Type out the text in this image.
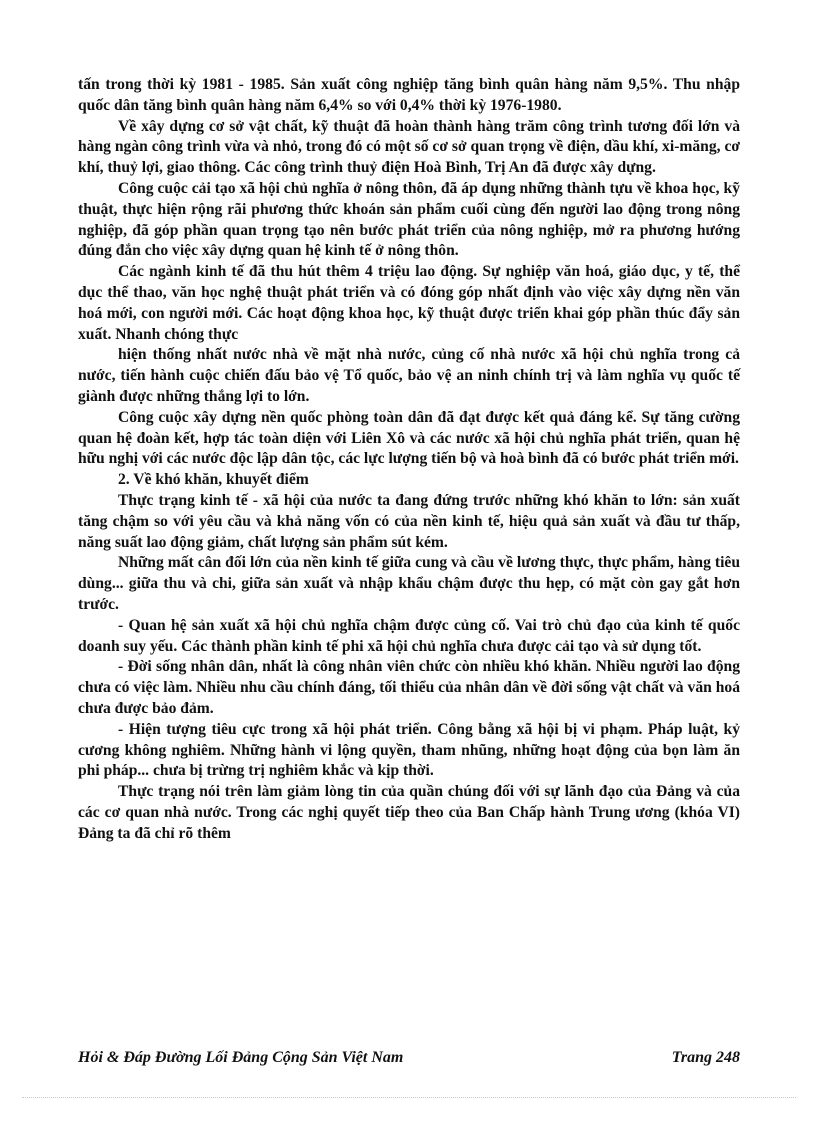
tấn trong thời kỳ 1981 - 1985. Sản xuất công nghiệp tăng bình quân hàng năm 9,5%. Thu nhập quốc dân tăng bình quân hàng năm 6,4% so với 0,4% thời kỳ 1976-1980.

Về xây dựng cơ sở vật chất, kỹ thuật đã hoàn thành hàng trăm công trình tương đối lớn và hàng ngàn công trình vừa và nhỏ, trong đó có một số cơ sở quan trọng về điện, dầu khí, xi-măng, cơ khí, thuỷ lợi, giao thông. Các công trình thuỷ điện Hoà Bình, Trị An đã được xây dựng.

Công cuộc cải tạo xã hội chủ nghĩa ở nông thôn, đã áp dụng những thành tựu về khoa học, kỹ thuật, thực hiện rộng rãi phương thức khoán sản phẩm cuối cùng đến người lao động trong nông nghiệp, đã góp phần quan trọng tạo nên bước phát triển của nông nghiệp, mở ra phương hướng đúng đắn cho việc xây dựng quan hệ kinh tế ở nông thôn.

Các ngành kinh tế đã thu hút thêm 4 triệu lao động. Sự nghiệp văn hoá, giáo dục, y tế, thể dục thể thao, văn học nghệ thuật phát triển và có đóng góp nhất định vào việc xây dựng nền văn hoá mới, con người mới. Các hoạt động khoa học, kỹ thuật được triển khai góp phần thúc đẩy sản xuất. Nhanh chóng thực

hiện thống nhất nước nhà về mặt nhà nước, củng cố nhà nước xã hội chủ nghĩa trong cả nước, tiến hành cuộc chiến đấu bảo vệ Tổ quốc, bảo vệ an ninh chính trị và làm nghĩa vụ quốc tế giành được những thắng lợi to lớn.

Công cuộc xây dựng nền quốc phòng toàn dân đã đạt được kết quả đáng kể. Sự tăng cường quan hệ đoàn kết, hợp tác toàn diện với Liên Xô và các nước xã hội chủ nghĩa phát triển, quan hệ hữu nghị với các nước độc lập dân tộc, các lực lượng tiến bộ và hoà bình đã có bước phát triển mới.

2. Về khó khăn, khuyết điểm

Thực trạng kinh tế - xã hội của nước ta đang đứng trước những khó khăn to lớn: sản xuất tăng chậm so với yêu cầu và khả năng vốn có của nền kinh tế, hiệu quả sản xuất và đầu tư thấp, năng suất lao động giảm, chất lượng sản phẩm sút kém.

Những mất cân đối lớn của nền kinh tế giữa cung và cầu về lương thực, thực phẩm, hàng tiêu dùng... giữa thu và chi, giữa sản xuất và nhập khẩu chậm được thu hẹp, có mặt còn gay gắt hơn trước.

- Quan hệ sản xuất xã hội chủ nghĩa chậm được củng cố. Vai trò chủ đạo của kinh tế quốc doanh suy yếu. Các thành phần kinh tế phi xã hội chủ nghĩa chưa được cải tạo và sử dụng tốt.

- Đời sống nhân dân, nhất là công nhân viên chức còn nhiều khó khăn. Nhiều người lao động chưa có việc làm. Nhiều nhu cầu chính đáng, tối thiểu của nhân dân về đời sống vật chất và văn hoá chưa được bảo đảm.

- Hiện tượng tiêu cực trong xã hội phát triển. Công bằng xã hội bị vi phạm. Pháp luật, kỷ cương không nghiêm. Những hành vi lộng quyền, tham nhũng, những hoạt động của bọn làm ăn phi pháp... chưa bị trừng trị nghiêm khắc và kịp thời.

Thực trạng nói trên làm giảm lòng tin của quần chúng đối với sự lãnh đạo của Đảng và của các cơ quan nhà nước. Trong các nghị quyết tiếp theo của Ban Chấp hành Trung ương (khóa VI) Đảng ta đã chỉ rõ thêm

Hỏi & Đáp Đường Lối Đảng Cộng Sản Việt Nam	Trang 248
